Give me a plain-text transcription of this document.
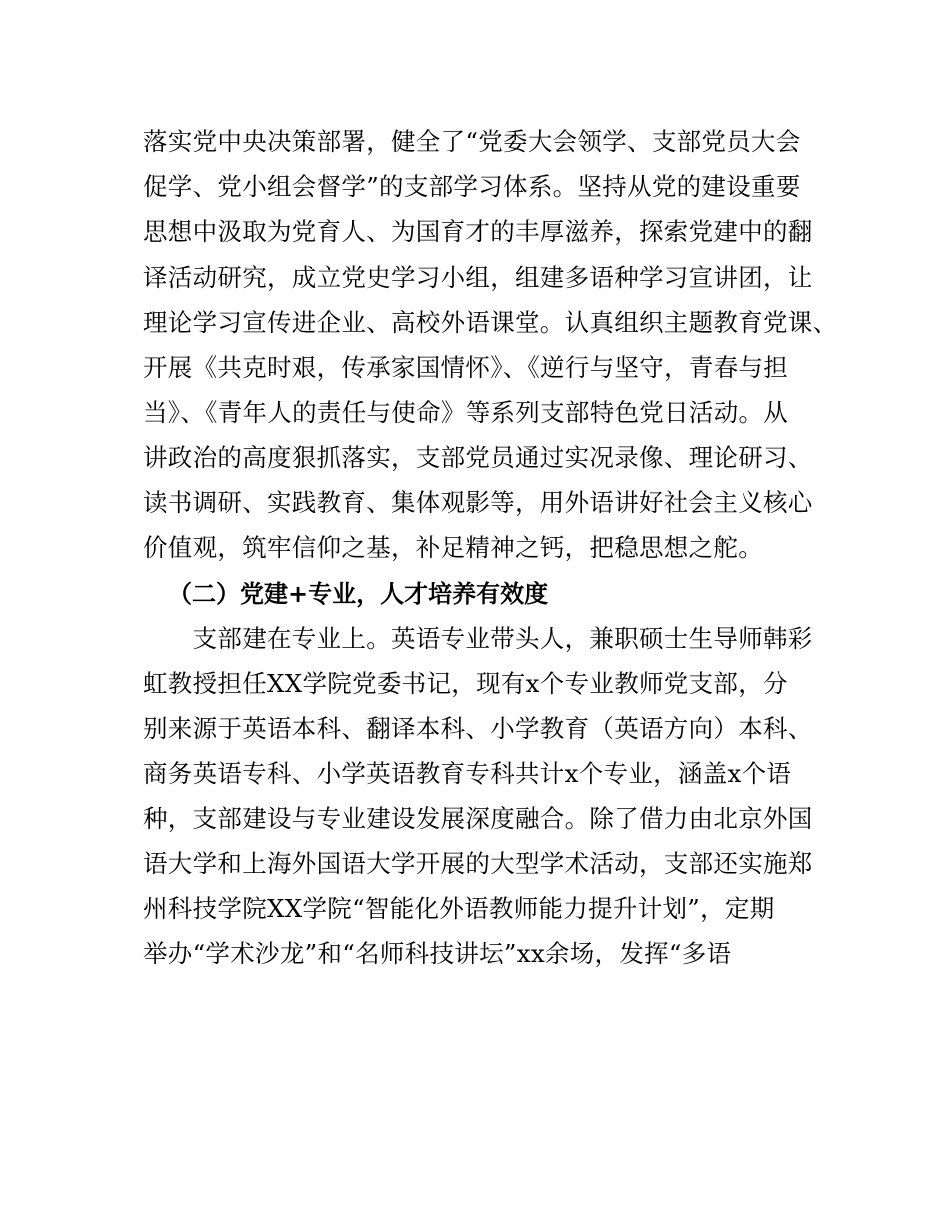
落实党中央决策部署，健全了“党委大会领学、支部党员大会
促学、党小组会督学”的支部学习体系。坚持从党的建设重要
思想中汲取为党育人、为国育才的丰厚滋养，探索党建中的翻
译活动研究，成立党史学习小组，组建多语种学习宣讲团，让
理论学习宣传进企业、高校外语课堂。认真组织主题教育党课、
开展《共克时艰，传承家国情怀》、《逆行与坚守，青春与担
当》、《青年人的责任与使命》等系列支部特色党日活动。从
讲政治的高度狠抓落实，支部党员通过实况录像、理论研习、
读书调研、实践教育、集体观影等，用外语讲好社会主义核心
价值观，筑牢信仰之基，补足精神之钙，把稳思想之舵。
（二）党建+专业，人才培养有效度
　　支部建在专业上。英语专业带头人，兼职硕士生导师韩彩
虹教授担任XX学院党委书记，现有x个专业教师党支部，分
别来源于英语本科、翻译本科、小学教育（英语方向）本科、
商务英语专科、小学英语教育专科共计x个专业，涵盖x个语
种，支部建设与专业建设发展深度融合。除了借力由北京外国
语大学和上海外国语大学开展的大型学术活动，支部还实施郑
州科技学院XX学院“智能化外语教师能力提升计划”，定期
举办“学术沙龙”和“名师科技讲坛”xx余场，发挥“多语
